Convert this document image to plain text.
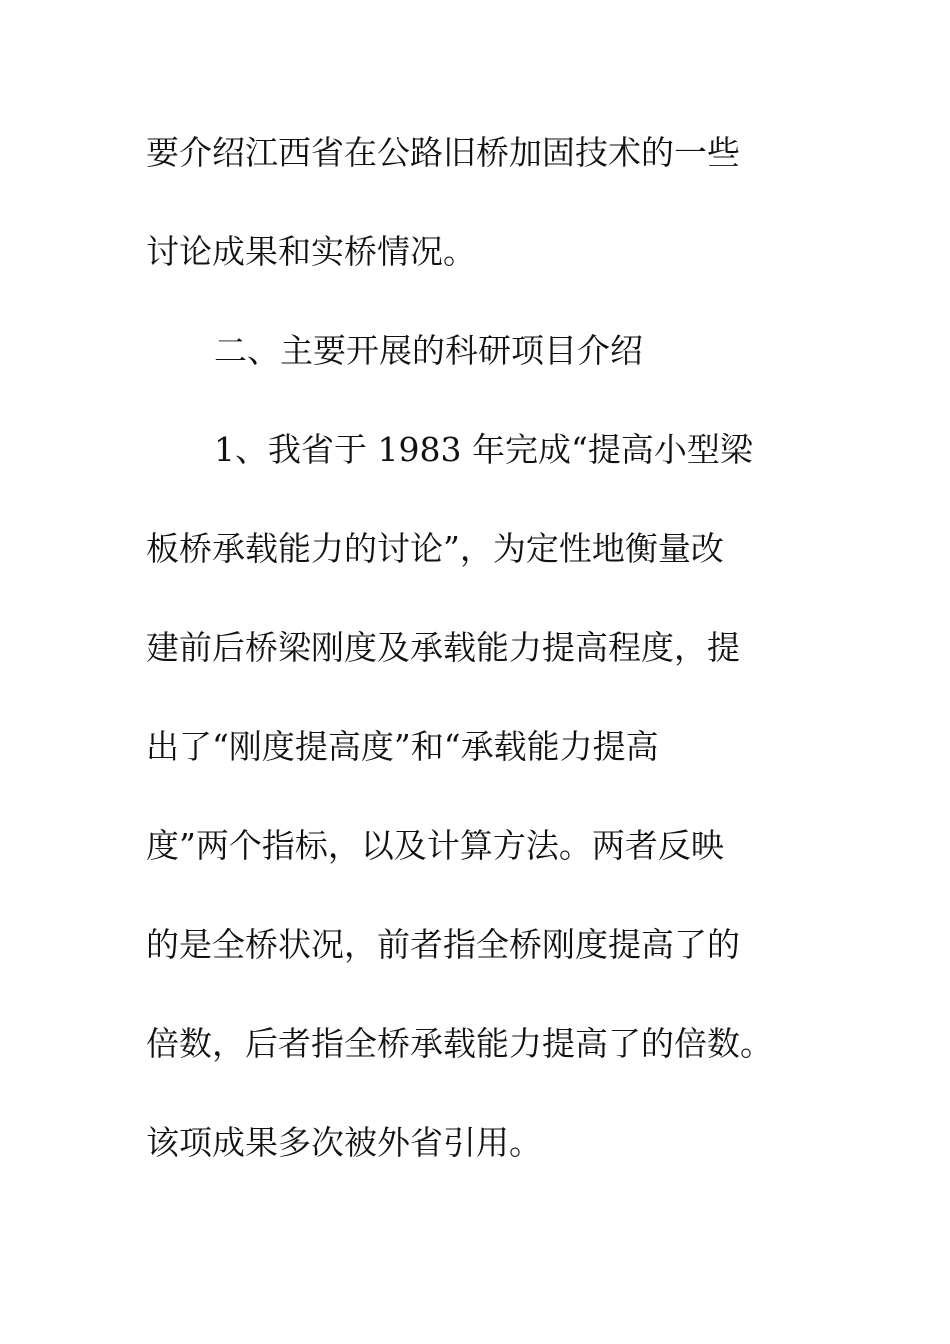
要介绍江西省在公路旧桥加固技术的一些
讨论成果和实桥情况。
二、主要开展的科研项目介绍
1、我省于 1983 年完成“提高小型梁
板桥承载能力的讨论”，为定性地衡量改
建前后桥梁刚度及承载能力提高程度，提
出了“刚度提高度”和“承载能力提高
度”两个指标，以及计算方法。两者反映
的是全桥状况，前者指全桥刚度提高了的
倍数，后者指全桥承载能力提高了的倍数。
该项成果多次被外省引用。
